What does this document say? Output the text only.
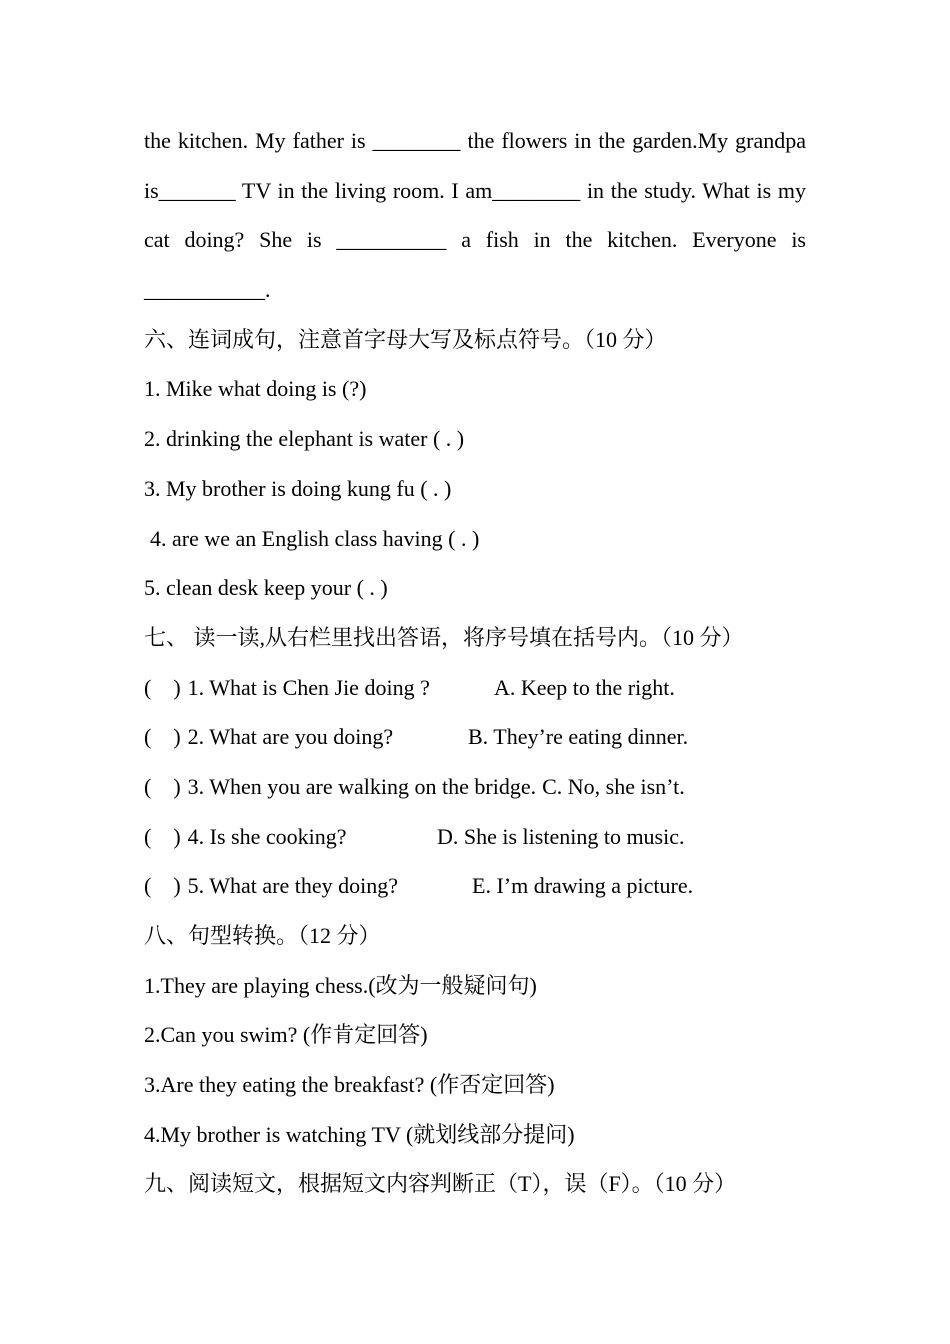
the kitchen. My father is ________ the flowers in the garden.My grandpa
is_______ TV in the living room. I am________ in the study. What is my
cat doing? She is __________ a fish in the kitchen. Everyone is
___________.
六、连词成句，注意首字母大写及标点符号。（10 分）
1. Mike what doing is (?)
2. drinking the elephant is water ( . )
3. My brother is doing kung fu ( . )
4. are we an English class having ( . )
5. clean desk keep your ( . )
七、 读一读,从右栏里找出答语，将序号填在括号内。（10 分）
(    ) 1. What is Chen Jie doing ?	A. Keep to the right.
(    ) 2. What are you doing?	B. They’re eating dinner.
(    ) 3. When you are walking on the bridge. C. No, she isn’t.
(    ) 4. Is she cooking?	D. She is listening to music.
(    ) 5. What are they doing?	E. I’m drawing a picture.
八、句型转换。（12 分）
1.They are playing chess.(改为一般疑问句)
2.Can you swim? (作肯定回答)
3.Are they eating the breakfast? (作否定回答)
4.My brother is watching TV (就划线部分提问)
九、阅读短文，根据短文内容判断正（T），误（F）。（10 分）
